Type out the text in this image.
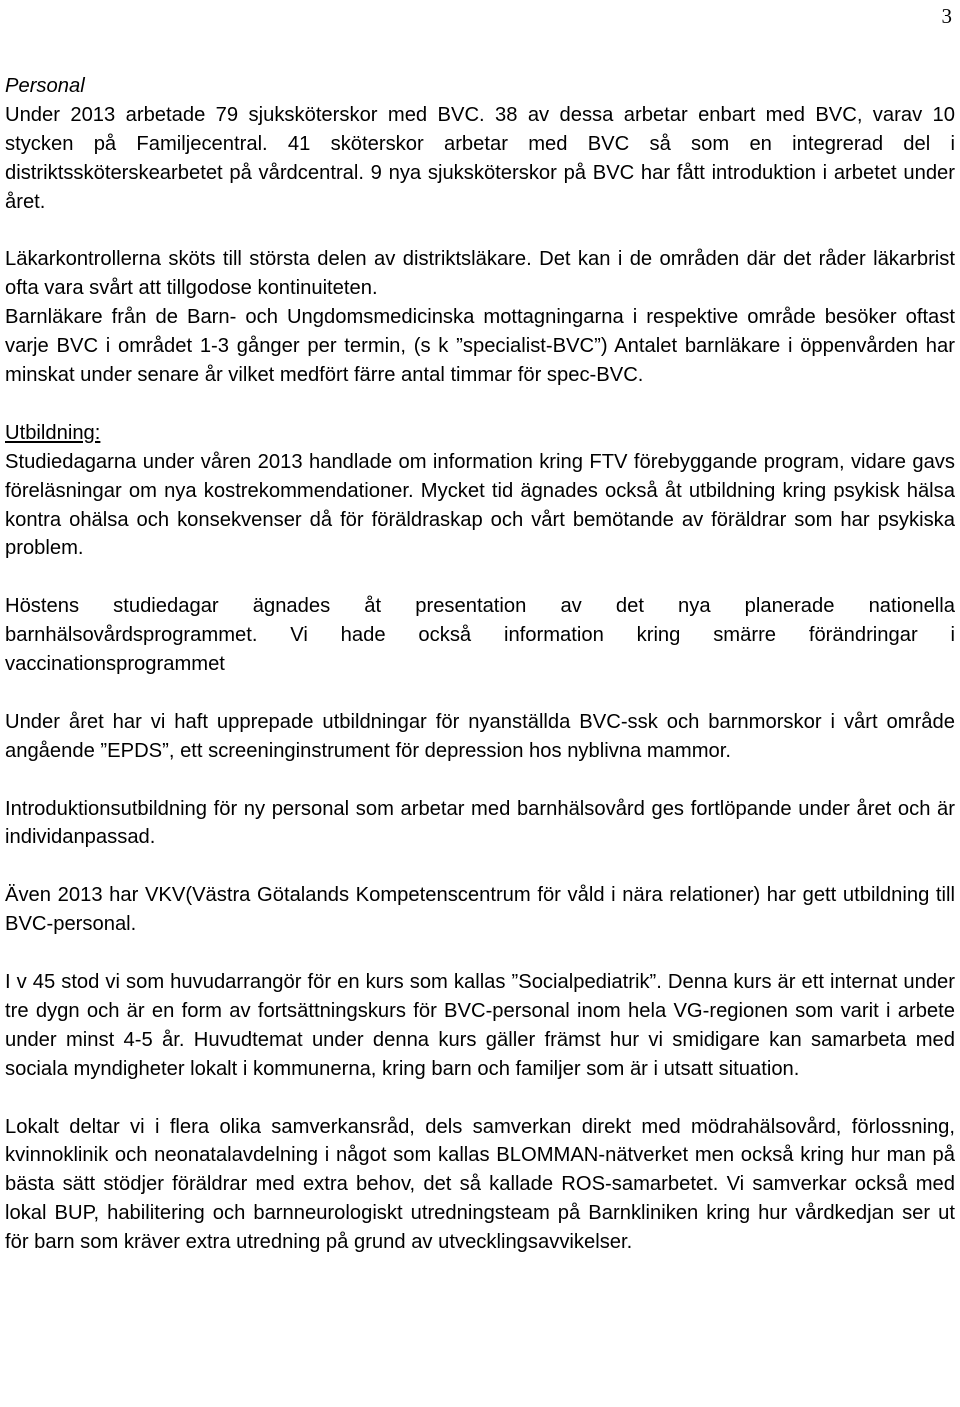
3
Personal

Under 2013 arbetade 79 sjuksköterskor med BVC. 38 av dessa arbetar enbart med BVC, varav 10 stycken på Familjecentral. 41 sköterskor arbetar med BVC så som en integrerad del i distriktssköterskearbetet på vårdcentral. 9 nya sjuksköterskor på BVC har fått introduktion i arbetet under året.

Läkarkontrollerna sköts till största delen av distriktsläkare. Det kan i de områden där det råder läkarbrist ofta vara svårt att tillgodose kontinuiteten.

Barnläkare från de Barn- och Ungdomsmedicinska mottagningarna i respektive område besöker oftast varje BVC i området 1-3 gånger per termin, (s k ”specialist-BVC”) Antalet barnläkare i öppenvården har minskat under senare år vilket medfört färre antal timmar för spec-BVC.

Utbildning:

Studiedagarna under våren 2013 handlade om information kring FTV förebyggande program, vidare gavs föreläsningar om nya kostrekommendationer. Mycket tid ägnades också åt utbildning kring psykisk hälsa kontra ohälsa och konsekvenser då för föräldraskap och vårt bemötande av föräldrar som har psykiska problem.

Höstens studiedagar ägnades åt presentation av det nya planerade nationella barnhälsovårdsprogrammet. Vi hade också information kring smärre förändringar i vaccinationsprogrammet

Under året har vi haft upprepade utbildningar för nyanställda BVC-ssk och barnmorskor i vårt område angående ”EPDS”, ett screeninginstrument för depression hos nyblivna mammor.

Introduktionsutbildning för ny personal som arbetar med barnhälsovård ges fortlöpande under året och är individanpassad.

Även 2013 har VKV(Västra Götalands Kompetenscentrum för våld i nära relationer) har gett utbildning till BVC-personal.

I v 45 stod vi som huvudarrangör för en kurs som kallas ”Socialpediatrik”. Denna kurs är ett internat under tre dygn och är en form av fortsättningskurs för BVC-personal inom hela VG-regionen som varit i arbete under minst 4-5 år. Huvudtemat under denna kurs gäller främst hur vi smidigare kan samarbeta med sociala myndigheter lokalt i kommunerna, kring barn och familjer som är i utsatt situation.

Lokalt deltar vi i flera olika samverkansråd, dels samverkan direkt med mödrahälsovård, förlossning, kvinnoklinik och neonatalavdelning i något som kallas BLOMMAN-nätverket men också kring hur man på bästa sätt stödjer föräldrar med extra behov, det så kallade ROS-samarbetet. Vi samverkar också med lokal BUP, habilitering och barnneurologiskt utredningsteam på Barnkliniken kring hur vårdkedjan ser ut för barn som kräver extra utredning på grund av utvecklingsavvikelser.
